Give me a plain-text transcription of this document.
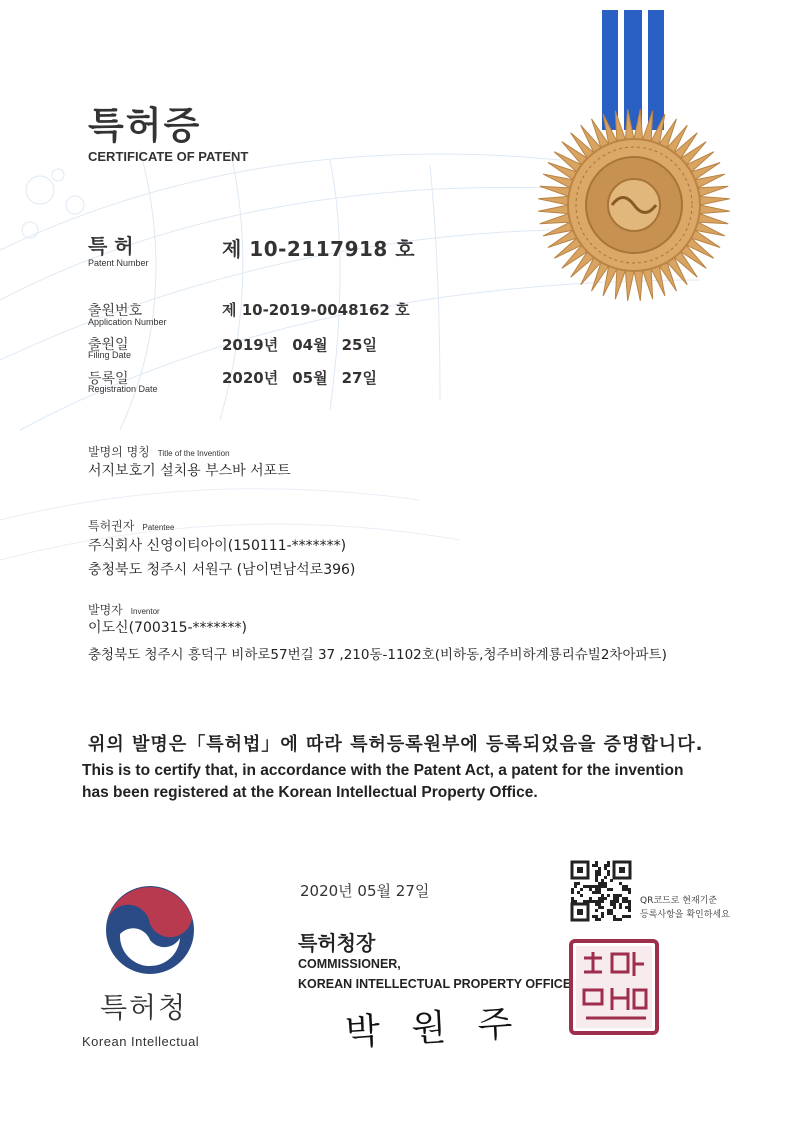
특허증
CERTIFICATE OF PATENT
특 허
Patent Number
제 10-2117918 호
출원번호
Application Number
제 10-2019-0048162 호
출원일
Filing Date
2019년 04월 25일
등록일
Registration Date
2020년 05월 27일
발명의 명칭 Title of the Invention
서지보호기 설치용 부스바 서포트
특허권자 Patentee
주식회사 신영이티아이(150111-*******)
충청북도 청주시 서원구 (남이면남석로396)
발명자 Inventor
이도신(700315-*******)
충청북도 청주시 흥덕구 비하로57번길 37 ,210동-1102호(비하동,청주비하계룡리슈빌2차아파트)
위의 발명은「특허법」에 따라 특허등록원부에 등록되었음을 증명합니다.
This is to certify that, in accordance with the Patent Act, a patent for the invention
has been registered at the Korean Intellectual Property Office.
2020년 05월 27일
QR코드로 현재기준
등록사항을 확인하세요
특허청장
COMMISSIONER,
KOREAN INTELLECTUAL PROPERTY OFFICE
특허청
Korean Intellectual	박 원 주
